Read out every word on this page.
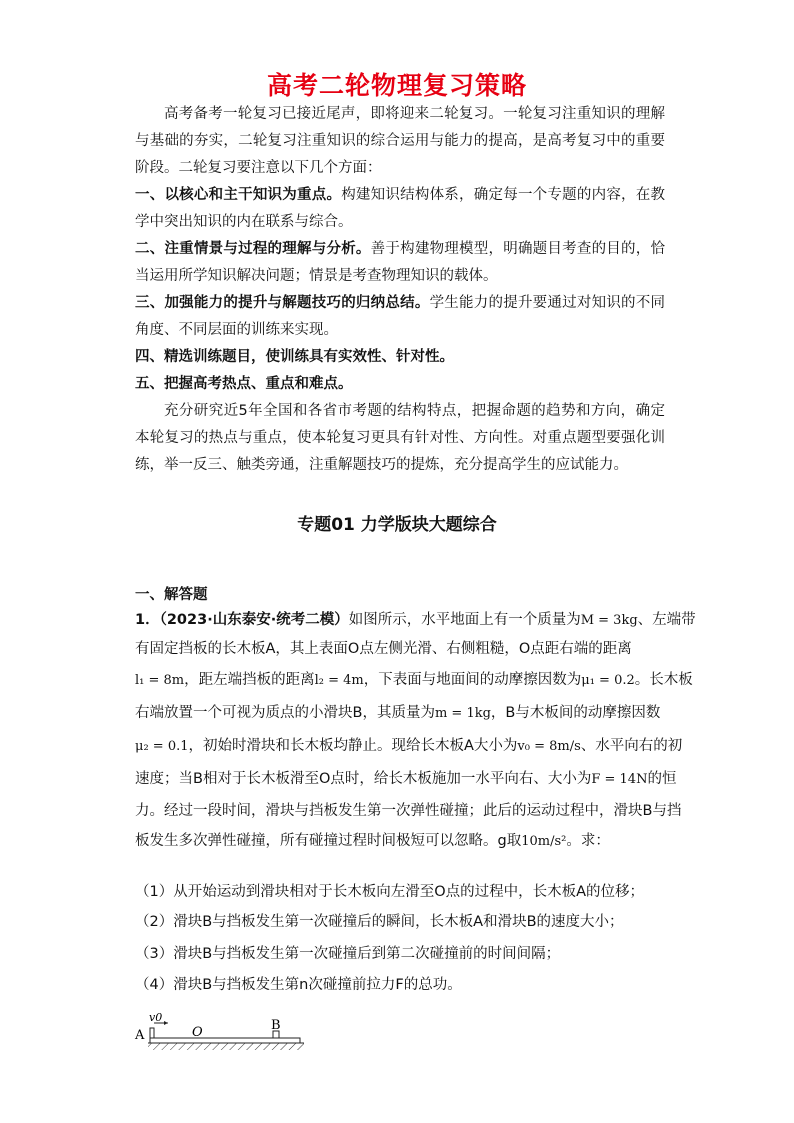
高考二轮物理复习策略

高考备考一轮复习已接近尾声，即将迎来二轮复习。一轮复习注重知识的理解与基础的夯实，二轮复习注重知识的综合运用与能力的提高，是高考复习中的重要阶段。二轮复习要注意以下几个方面：

一、以核心和主干知识为重点。构建知识结构体系，确定每一个专题的内容，在教学中突出知识的内在联系与综合。

二、注重情景与过程的理解与分析。善于构建物理模型，明确题目考查的目的，恰当运用所学知识解决问题；情景是考查物理知识的载体。

三、加强能力的提升与解题技巧的归纳总结。学生能力的提升要通过对知识的不同角度、不同层面的训练来实现。

四、精选训练题目，使训练具有实效性、针对性。

五、把握高考热点、重点和难点。

充分研究近5年全国和各省市考题的结构特点，把握命题的趋势和方向，确定本轮复习的热点与重点，使本轮复习更具有针对性、方向性。对重点题型要强化训练，举一反三、触类旁通，注重解题技巧的提炼，充分提高学生的应试能力。

专题01 力学版块大题综合
一、解答题
1．（2023·山东泰安·统考二模）如图所示，水平地面上有一个质量为M = 3kg、左端带
有固定挡板的长木板A，其上表面O点左侧光滑、右侧粗糙，O点距右端的距离
l₁ = 8m，距左端挡板的距离l₂ = 4m，下表面与地面间的动摩擦因数为μ₁ = 0.2。长木板
右端放置一个可视为质点的小滑块B，其质量为m = 1kg，B与木板间的动摩擦因数
μ₂ = 0.1，初始时滑块和长木板均静止。现给长木板A大小为v₀ = 8m/s、水平向右的初
速度；当B相对于长木板滑至O点时，给长木板施加一水平向右、大小为F = 14N的恒
力。经过一段时间，滑块与挡板发生第一次弹性碰撞；此后的运动过程中，滑块B与挡
板发生多次弹性碰撞，所有碰撞过程时间极短可以忽略。g取10m/s²。求：
（1）从开始运动到滑块相对于长木板向左滑至O点的过程中，长木板A的位移；
（2）滑块B与挡板发生第一次碰撞后的瞬间，长木板A和滑块B的速度大小；
（3）滑块B与挡板发生第一次碰撞后到第二次碰撞前的时间间隔；
（4）滑块B与挡板发生第n次碰撞前拉力F的总功。
v0
A	O	B
